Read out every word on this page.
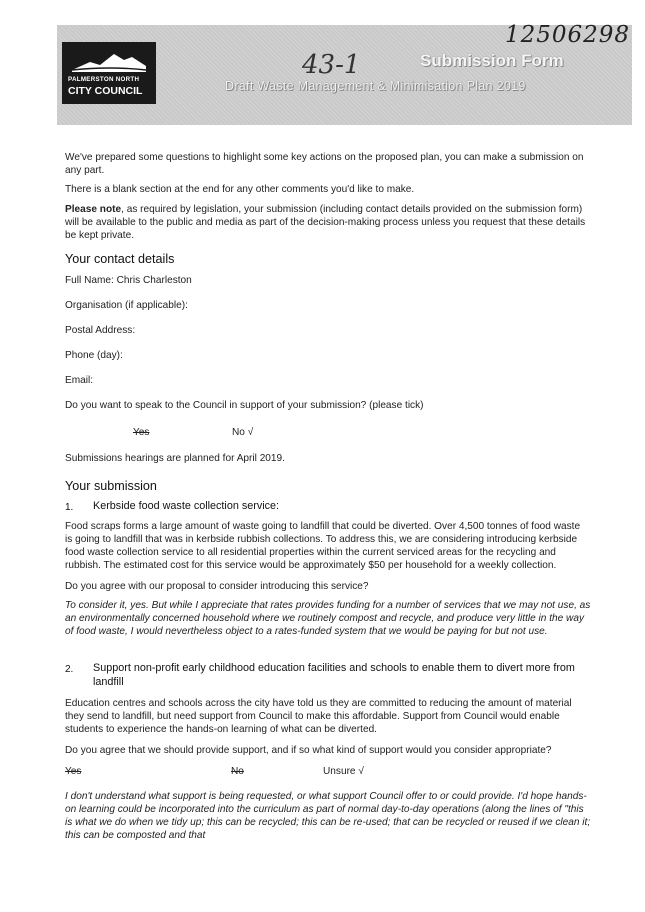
PALMERSTON NORTH
CITY COUNCIL
12506298
43-1	Submission Form
Draft Waste Management & Minimisation Plan 2019
We've prepared some questions to highlight some key actions on the proposed plan, you can make a submission on any part.
There is a blank section at the end for any other comments you'd like to make.
Please note, as required by legislation, your submission (including contact details provided on the submission form) will be available to the public and media as part of the decision-making process unless you request that these details be kept private.
Your contact details
Full Name: Chris Charleston
Organisation (if applicable):
Postal Address:
Phone (day):
Email:
Do you want to speak to the Council in support of your submission? (please tick)
Yes	No √
Submissions hearings are planned for April 2019.
Your submission
1. Kerbside food waste collection service:
Food scraps forms a large amount of waste going to landfill that could be diverted. Over 4,500 tonnes of food waste is going to landfill that was in kerbside rubbish collections. To address this, we are considering introducing kerbside food waste collection service to all residential properties within the current serviced areas for the recycling and rubbish. The estimated cost for this service would be approximately $50 per household for a weekly collection.
Do you agree with our proposal to consider introducing this service?
To consider it, yes. But while I appreciate that rates provides funding for a number of services that we may not use, as an environmentally concerned household where we routinely compost and recycle, and produce very little in the way of food waste, I would nevertheless object to a rates-funded system that we would be paying for but not use.
2. Support non-profit early childhood education facilities and schools to enable them to divert more from landfill
Education centres and schools across the city have told us they are committed to reducing the amount of material they send to landfill, but need support from Council to make this affordable. Support from Council would enable students to experience the hands-on learning of what can be diverted.
Do you agree that we should provide support, and if so what kind of support would you consider appropriate?
Yes	No	Unsure √
I don't understand what support is being requested, or what support Council offer to or could provide. I'd hope hands-on learning could be incorporated into the curriculum as part of normal day-to-day operations (along the lines of "this is what we do when we tidy up; this can be recycled; this can be re-used; that can be recycled or reused if we clean it; this can be composted and that
